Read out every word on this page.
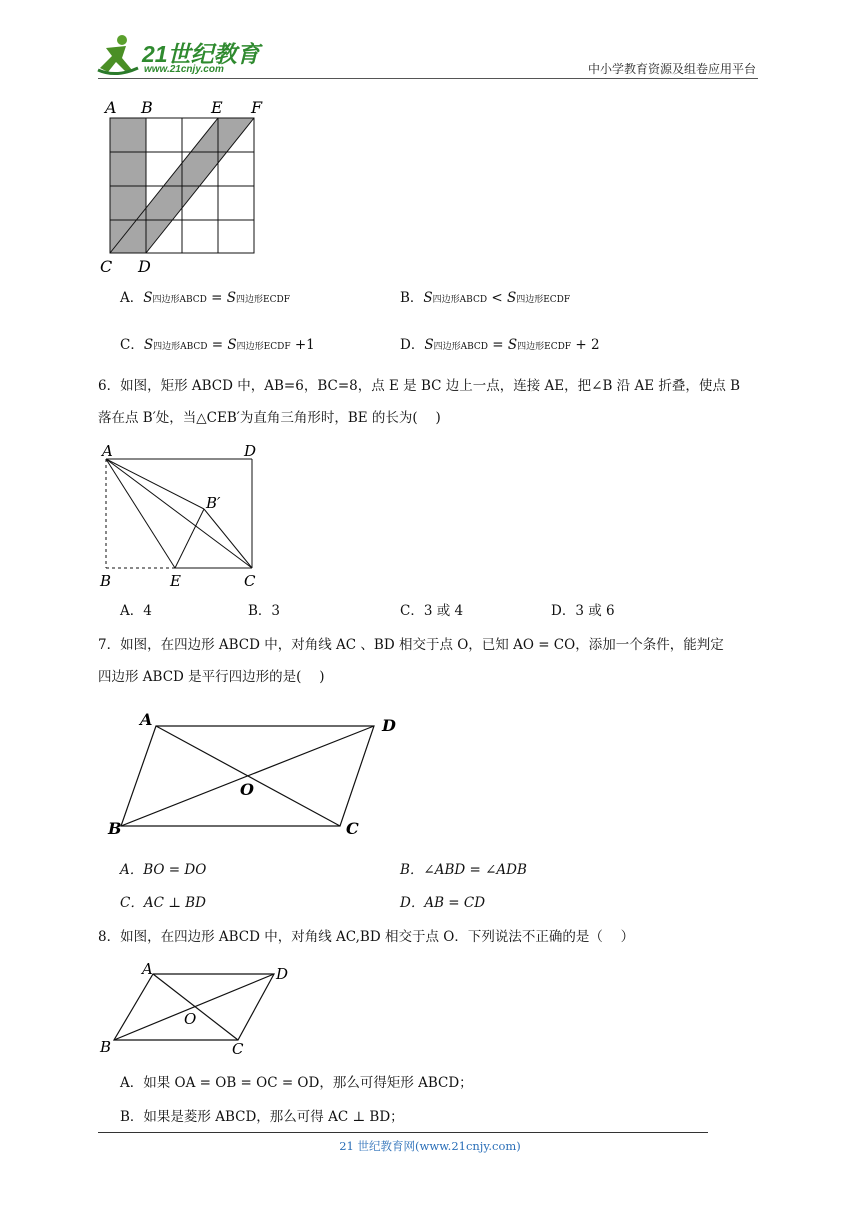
21世纪教育
www.21cnjy.com	中小学教育资源及组卷应用平台
A B	E F
C D
A．S四边形ABCD = S四边形ECDF	B．S四边形ABCD < S四边形ECDF
C．S四边形ABCD = S四边形ECDF +1	D．S四边形ABCD = S四边形ECDF + 2
6．如图，矩形 ABCD 中，AB=6，BC=8，点 E 是 BC 边上一点，连接 AE，把∠B 沿 AE 折叠，使点 B
落在点 B′处，当△CEB′为直角三角形时，BE 的长为(　 )
A	D
B′
B	E	C
A．4	B．3	C．3 或 4	D．3 或 6
7．如图，在四边形 ABCD 中，对角线 AC 、BD 相交于点 O，已知 AO = CO，添加一个条件，能判定
四边形 ABCD 是平行四边形的是(　 )
A	D
O
B	C
A．BO = DO	B．∠ABD = ∠ADB
C．AC ⊥ BD	D．AB = CD
8．如图，在四边形 ABCD 中，对角线 AC,BD 相交于点 O．下列说法不正确的是（　 ）
A	D
O
B	C
A．如果 OA = OB = OC = OD，那么可得矩形 ABCD；
B．如果是菱形 ABCD，那么可得 AC ⊥ BD；
21 世纪教育网(www.21cnjy.com)
